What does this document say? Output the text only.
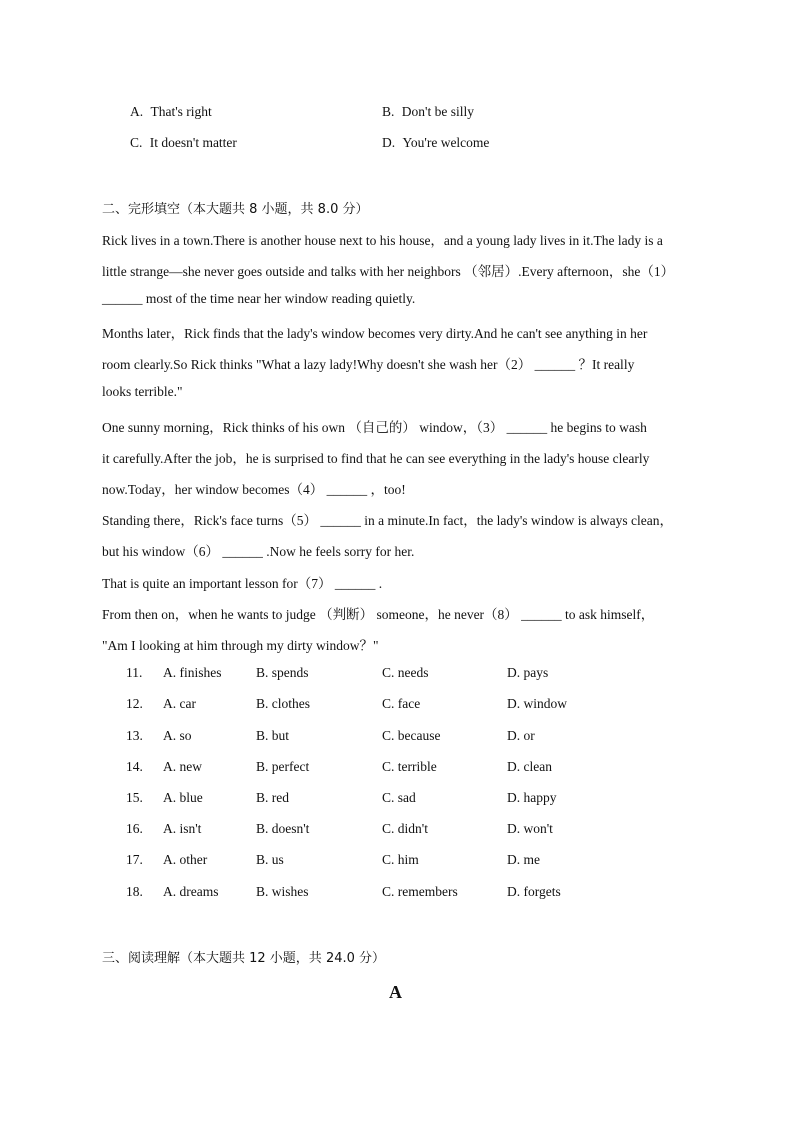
A. That's right	B. Don't be silly
C. It doesn't matter	D. You're welcome
二、完形填空（本大题共 8 小题，共 8.0 分）
Rick lives in a town.There is another house next to his house，and a young lady lives in it.The lady is a
little strange—she never goes outside and talks with her neighbors （邻居）.Every afternoon，she（1）
______ most of the time near her window reading quietly.
Months later，Rick finds that the lady's window becomes very dirty.And he can't see anything in her
room clearly.So Rick thinks "What a lazy lady!Why doesn't she wash her（2） ______ ？It really
looks terrible."
One sunny morning，Rick thinks of his own （自己的） window，（3） ______ he begins to wash
it carefully.After the job，he is surprised to find that he can see everything in the lady's house clearly
now.Today，her window becomes（4） ______ ，too!
Standing there，Rick's face turns（5） ______ in a minute.In fact，the lady's window is always clean，
but his window（6） ______ .Now he feels sorry for her.
That is quite an important lesson for（7） ______ .
From then on，when he wants to judge （判断） someone，he never（8） ______ to ask himself，
"Am I looking at him through my dirty window？"
11. A. finishes	B. spends	C. needs	D. pays
12. A. car	B. clothes	C. face	D. window
13. A. so	B. but	C. because	D. or
14. A. new	B. perfect	C. terrible	D. clean
15. A. blue	B. red	C. sad	D. happy
16. A. isn't	B. doesn't	C. didn't	D. won't
17. A. other	B. us	C. him	D. me
18. A. dreams	B. wishes	C. remembers	D. forgets
三、阅读理解（本大题共 12 小题，共 24.0 分）
A
